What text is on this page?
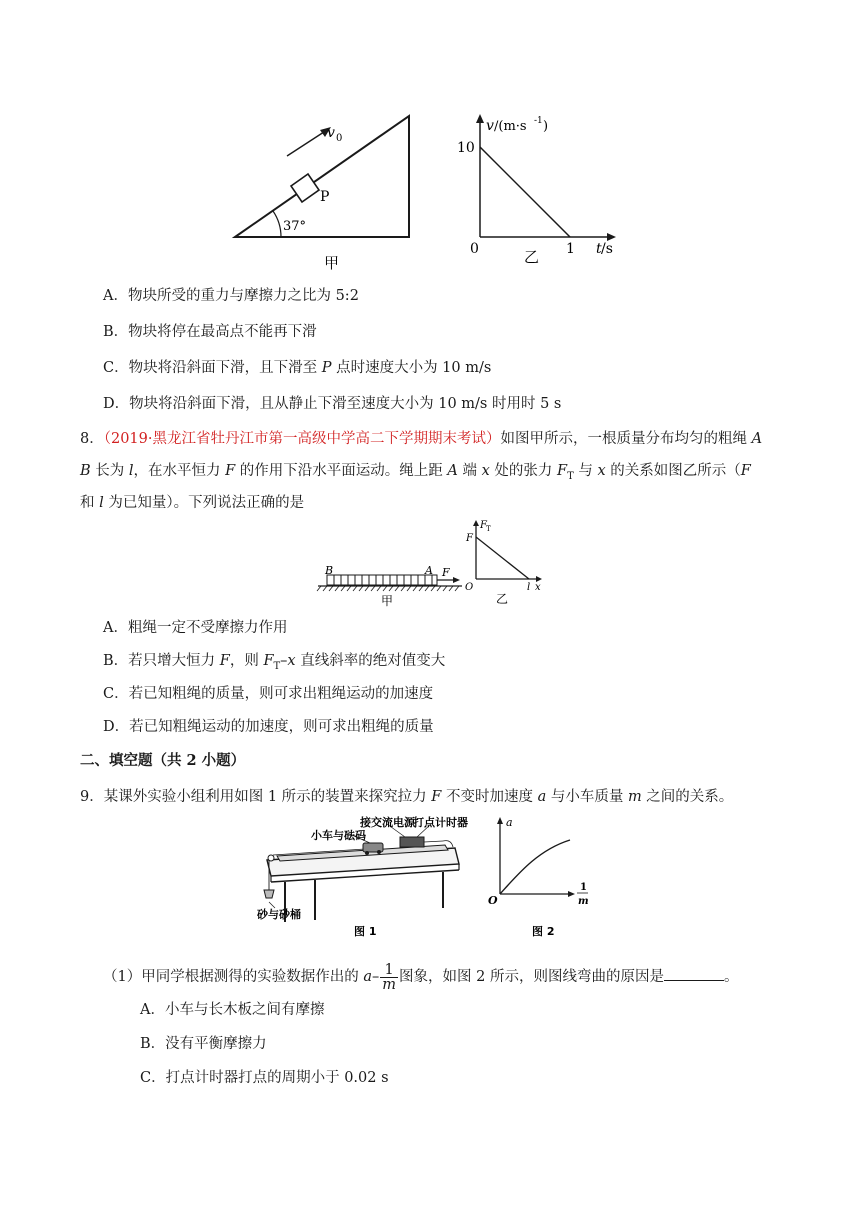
v 0
P
37°
甲
v /(m·s -1 )
10
0	1 t /s
乙
A．物块所受的重力与摩擦力之比为 5:2
B．物块将停在最高点不能再下滑
C．物块将沿斜面下滑，且下滑至 P 点时速度大小为 10 m/s
D．物块将沿斜面下滑，且从静止下滑至速度大小为 10 m/s 时用时 5 s
8．（2019·黑龙江省牡丹江市第一高级中学高二下学期期末考试）如图甲所示，一根质量分布均匀的粗绳 A
B 长为 l，在水平恒力 F 的作用下沿水平面运动。绳上距 A 端 x 处的张力 $F_T$ 与 x 的关系如图乙所示（F
和 l 为已知量）。下列说法正确的是
B	A F
甲
F T
F
O	l x
乙
A．粗绳一定不受摩擦力作用
B．若只增大恒力 F，则 $F_T-x$ 直线斜率的绝对值变大
C．若已知粗绳的质量，则可求出粗绳运动的加速度
D．若已知粗绳运动的加速度，则可求出粗绳的质量
二、填空题（共 2 小题）
9．某课外实验小组利用如图 1 所示的装置来探究拉力 F 不变时加速度 a 与小车质量 m 之间的关系。
小车与砝码
接交流电源
打点计时器
砂与砂桶
图 1
a
O
1
m
图 2
（1）甲同学根据测得的实验数据作出的 $a- \frac{1}{m}$ 图象，如图 2 所示，则图线弯曲的原因是	。
A．小车与长木板之间有摩擦
B．没有平衡摩擦力
C．打点计时器打点的周期小于 0.02 s
